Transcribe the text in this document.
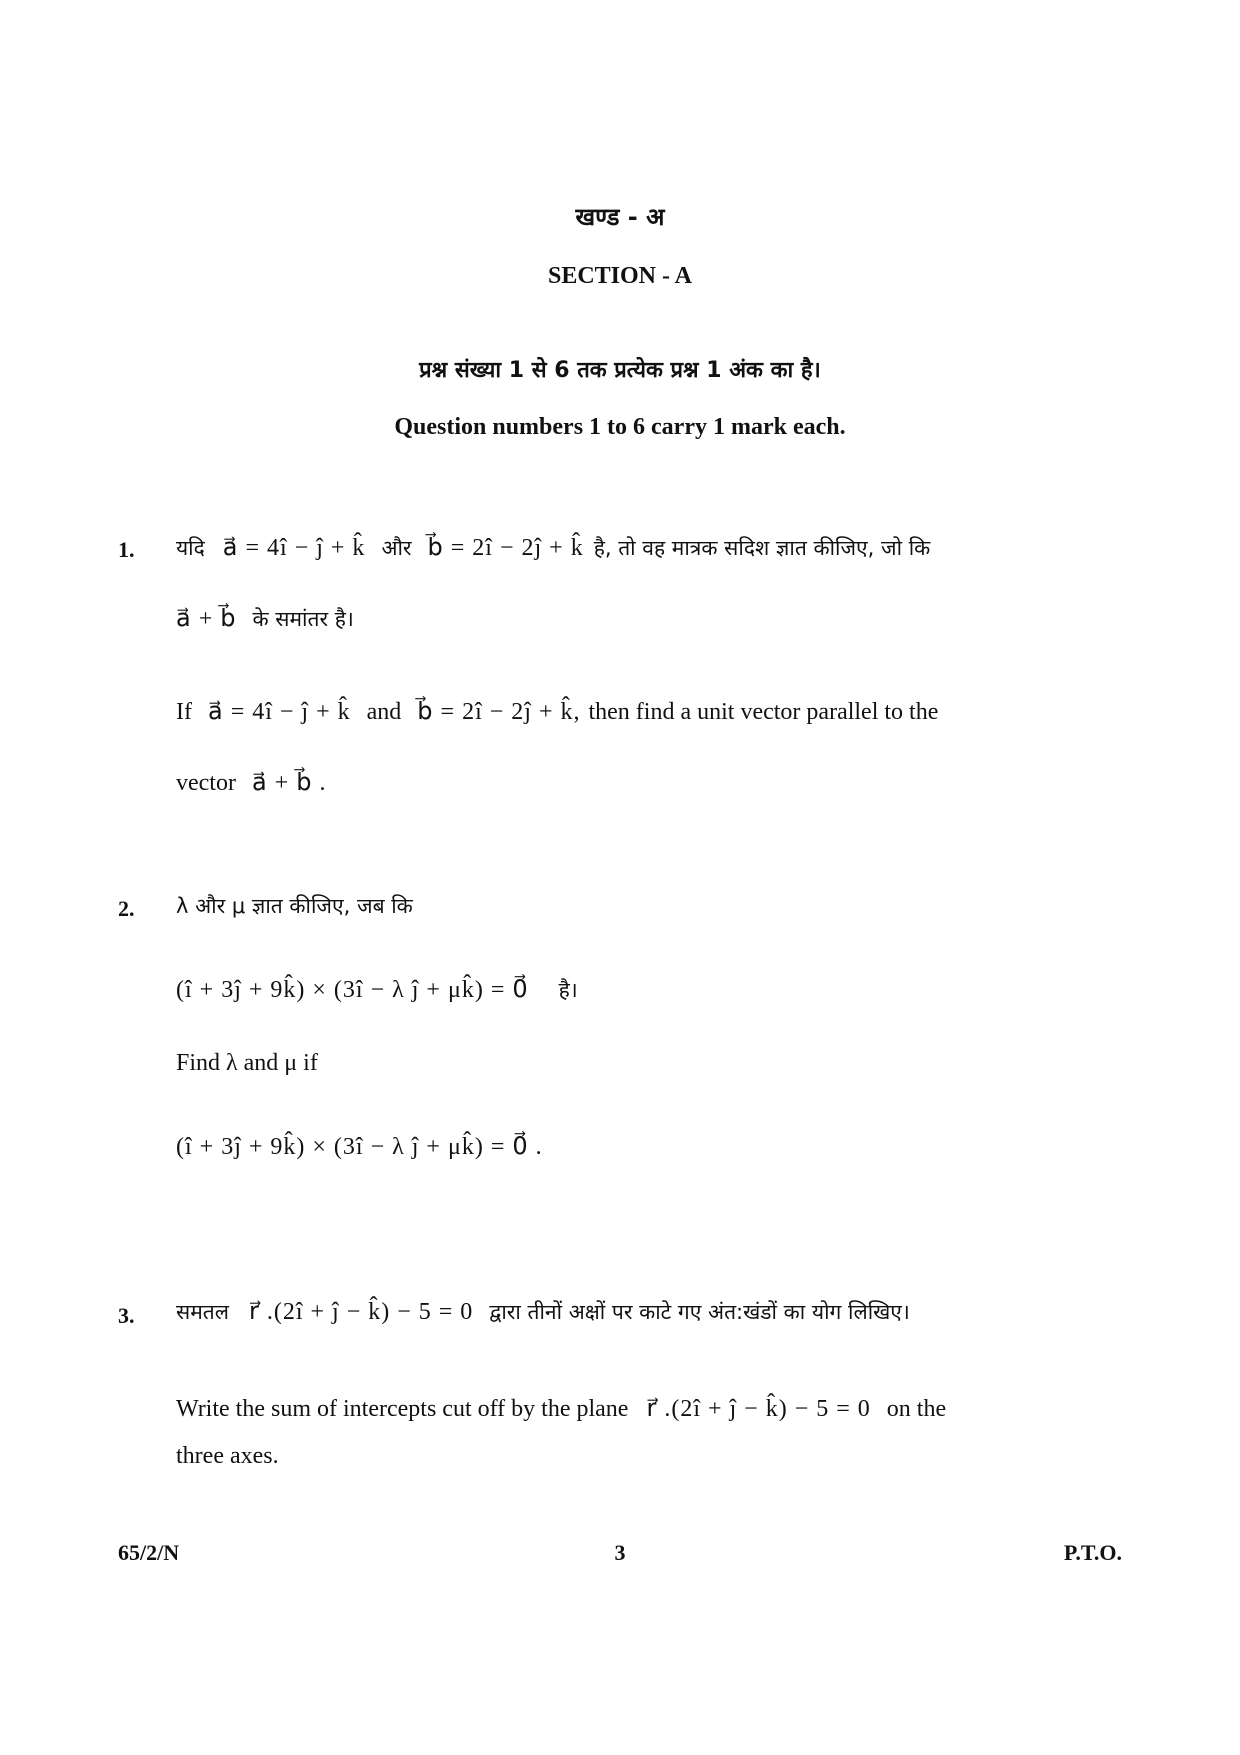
खण्ड - अ
SECTION - A
प्रश्न संख्या 1 से 6 तक प्रत्येक प्रश्न 1 अंक का है।
Question numbers 1 to 6 carry 1 mark each.
1. यदि a⃗ = 4î − ĵ + k̂ और b⃗ = 2î − 2ĵ + k̂ है, तो वह मात्रक सदिश ज्ञात कीजिए, जो कि
a⃗ + b⃗ के समांतर है।
If a⃗ = 4î − ĵ + k̂ and b⃗ = 2î − 2ĵ + k̂, then find a unit vector parallel to the
vector a⃗ + b⃗ .
2. λ और μ ज्ञात कीजिए, जब कि
(î + 3ĵ + 9k̂) × (3î − λ ĵ + μk̂) = 0⃗ है।
Find λ and μ if
(î + 3ĵ + 9k̂) × (3î − λ ĵ + μk̂) = 0⃗ .
3. समतल r⃗ .(2î + ĵ − k̂) − 5 = 0 द्वारा तीनों अक्षों पर काटे गए अंत:खंडों का योग लिखिए।
Write the sum of intercepts cut off by the plane r⃗ .(2î + ĵ − k̂) − 5 = 0 on the
three axes.
65/2/N	3	P.T.O.
